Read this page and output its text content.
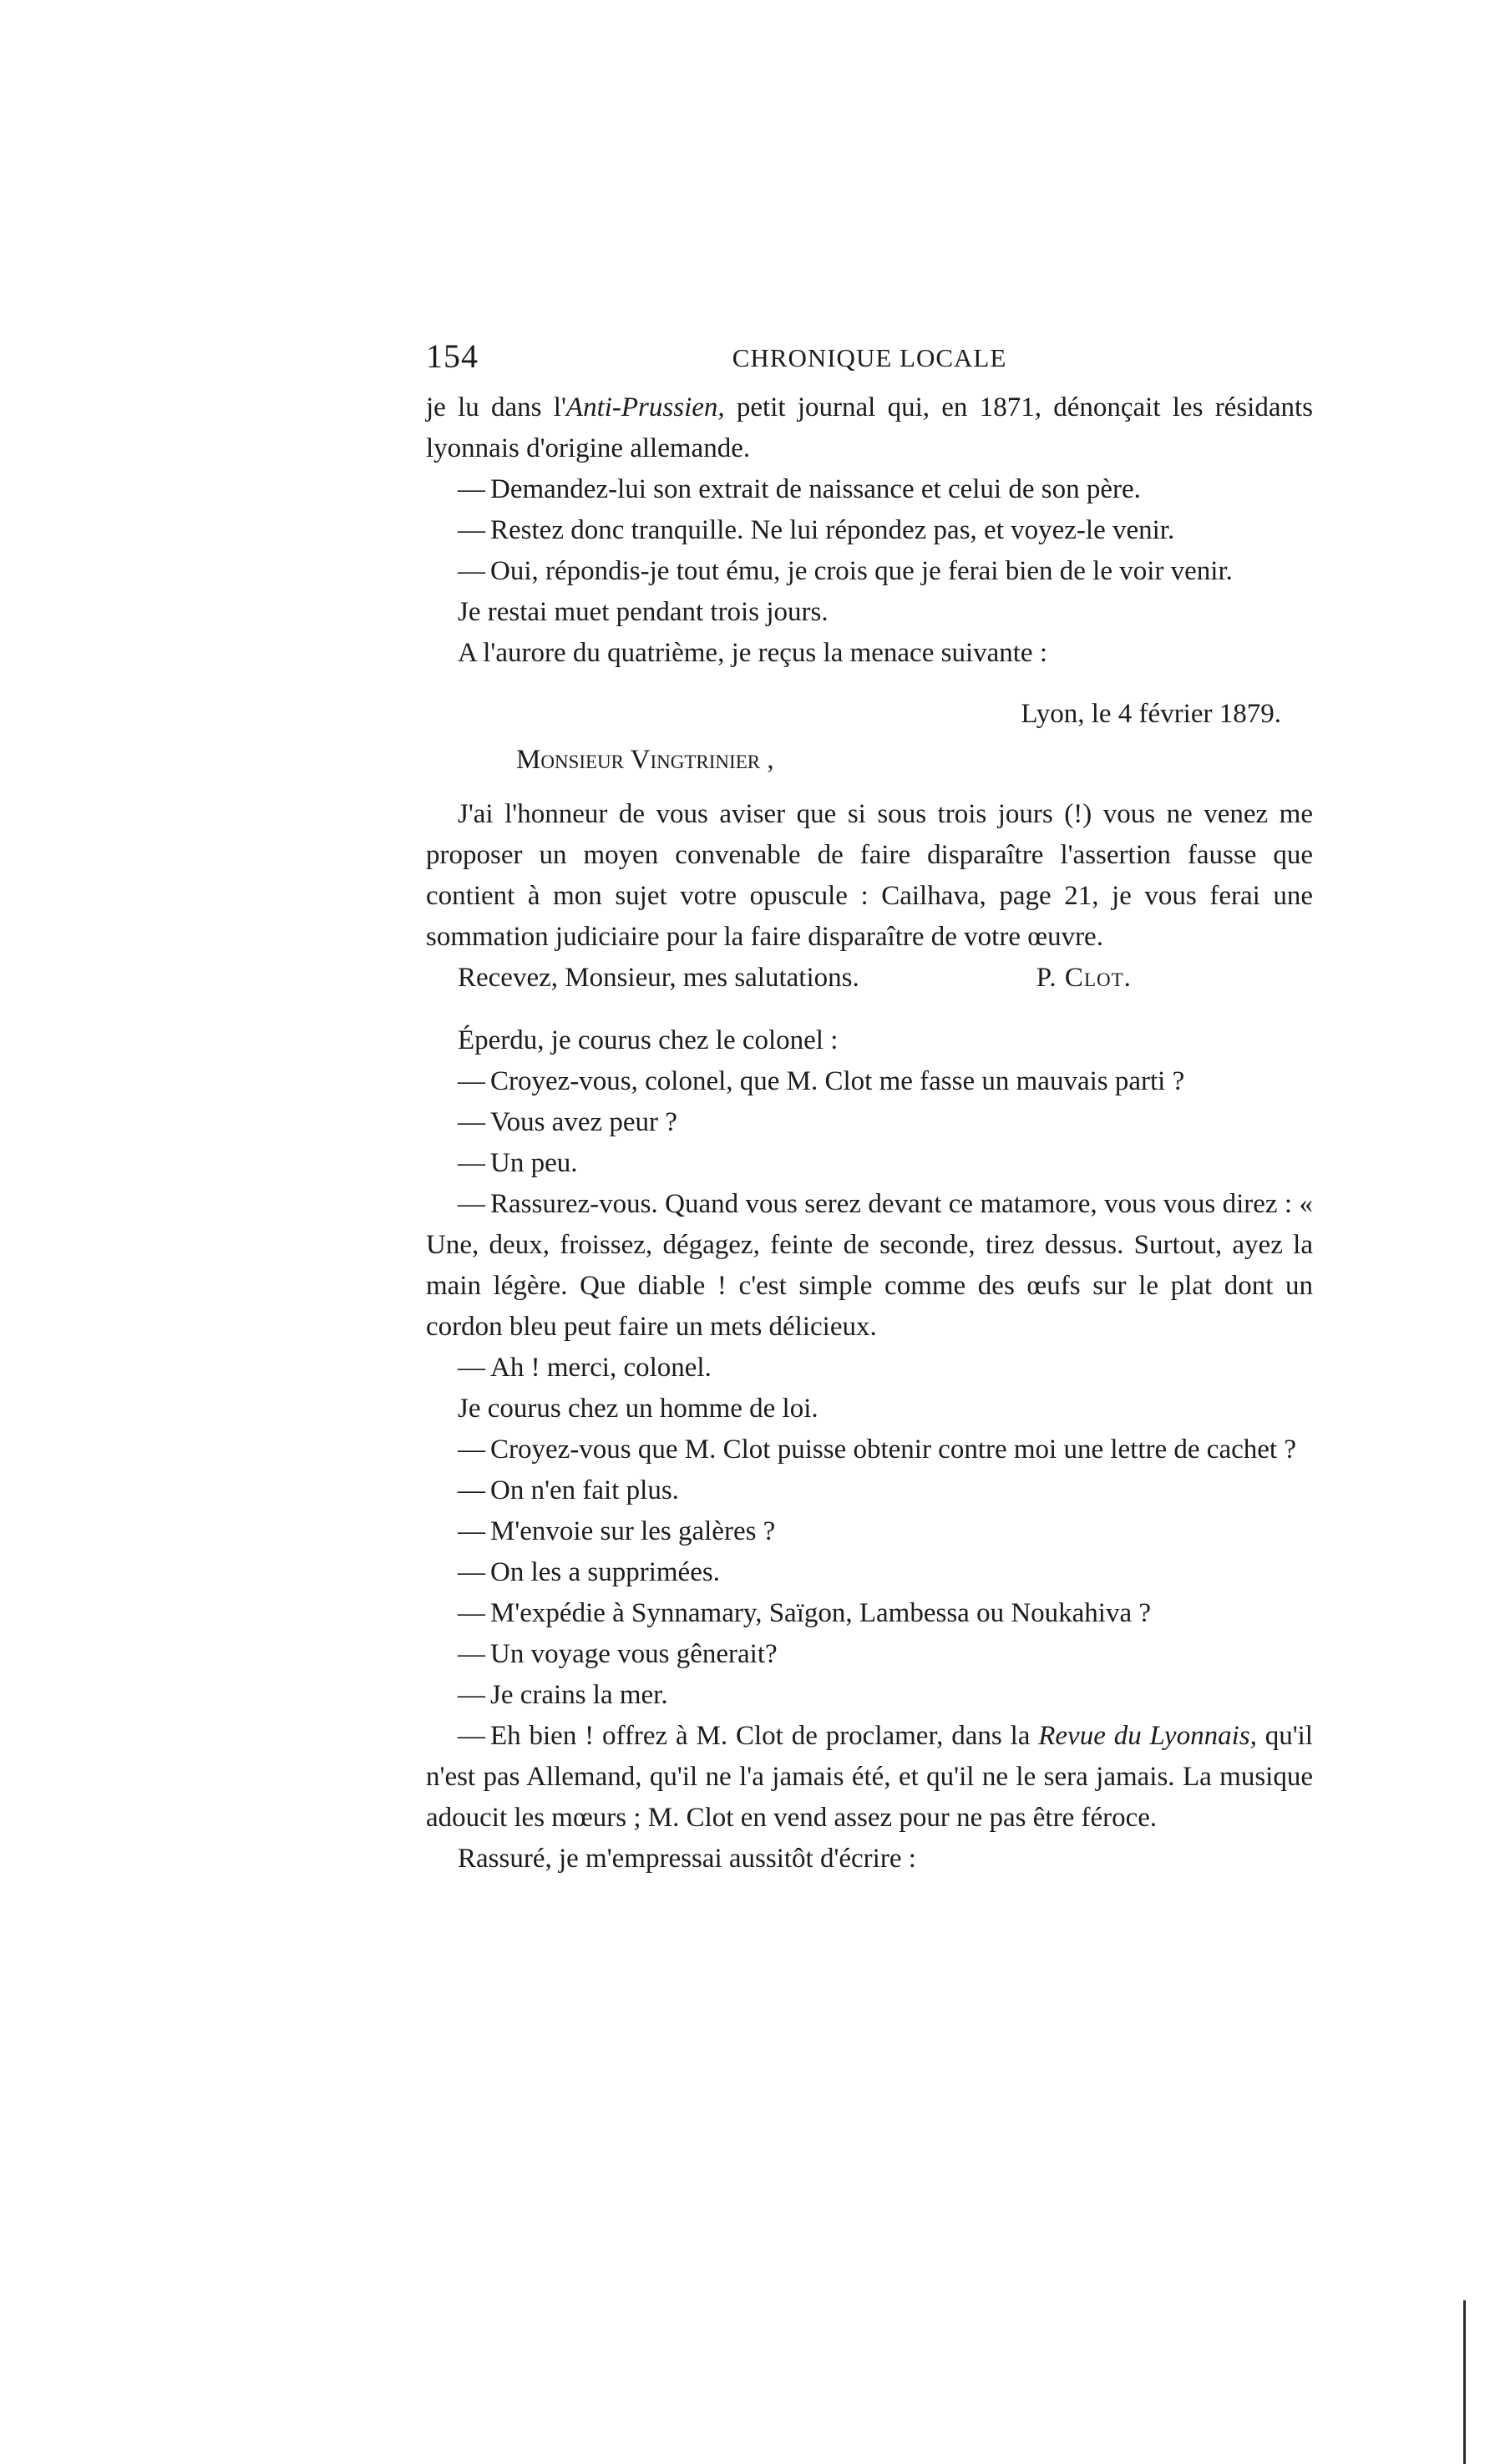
154	CHRONIQUE LOCALE

je lu dans l'Anti-Prussien, petit journal qui, en 1871, dénonçait les résidants lyonnais d'origine allemande.

— Demandez-lui son extrait de naissance et celui de son père.

— Restez donc tranquille. Ne lui répondez pas, et voyez-le venir.

— Oui, répondis-je tout ému, je crois que je ferai bien de le voir venir.

Je restai muet pendant trois jours.

A l'aurore du quatrième, je reçus la menace suivante :

Lyon, le 4 février 1879.

Monsieur Vingtrinier ,

J'ai l'honneur de vous aviser que si sous trois jours (!) vous ne venez me proposer un moyen convenable de faire disparaître l'assertion fausse que contient à mon sujet votre opuscule : Cailhava, page 21, je vous ferai une sommation judiciaire pour la faire disparaître de votre œuvre.

Recevez, Monsieur, mes salutations.	P. Clot.

Éperdu, je courus chez le colonel :

— Croyez-vous, colonel, que M. Clot me fasse un mauvais parti ?

— Vous avez peur ?

— Un peu.

— Rassurez-vous. Quand vous serez devant ce matamore, vous vous direz : « Une, deux, froissez, dégagez, feinte de seconde, tirez dessus. Surtout, ayez la main légère. Que diable ! c'est simple comme des œufs sur le plat dont un cordon bleu peut faire un mets délicieux.

— Ah ! merci, colonel.

Je courus chez un homme de loi.

— Croyez-vous que M. Clot puisse obtenir contre moi une lettre de cachet ?

— On n'en fait plus.

— M'envoie sur les galères ?

— On les a supprimées.

— M'expédie à Synnamary, Saïgon, Lambessa ou Noukahiva ?

— Un voyage vous gênerait?

— Je crains la mer.

— Eh bien ! offrez à M. Clot de proclamer, dans la Revue du Lyonnais, qu'il n'est pas Allemand, qu'il ne l'a jamais été, et qu'il ne le sera jamais. La musique adoucit les mœurs ; M. Clot en vend assez pour ne pas être féroce.

Rassuré, je m'empressai aussitôt d'écrire :
